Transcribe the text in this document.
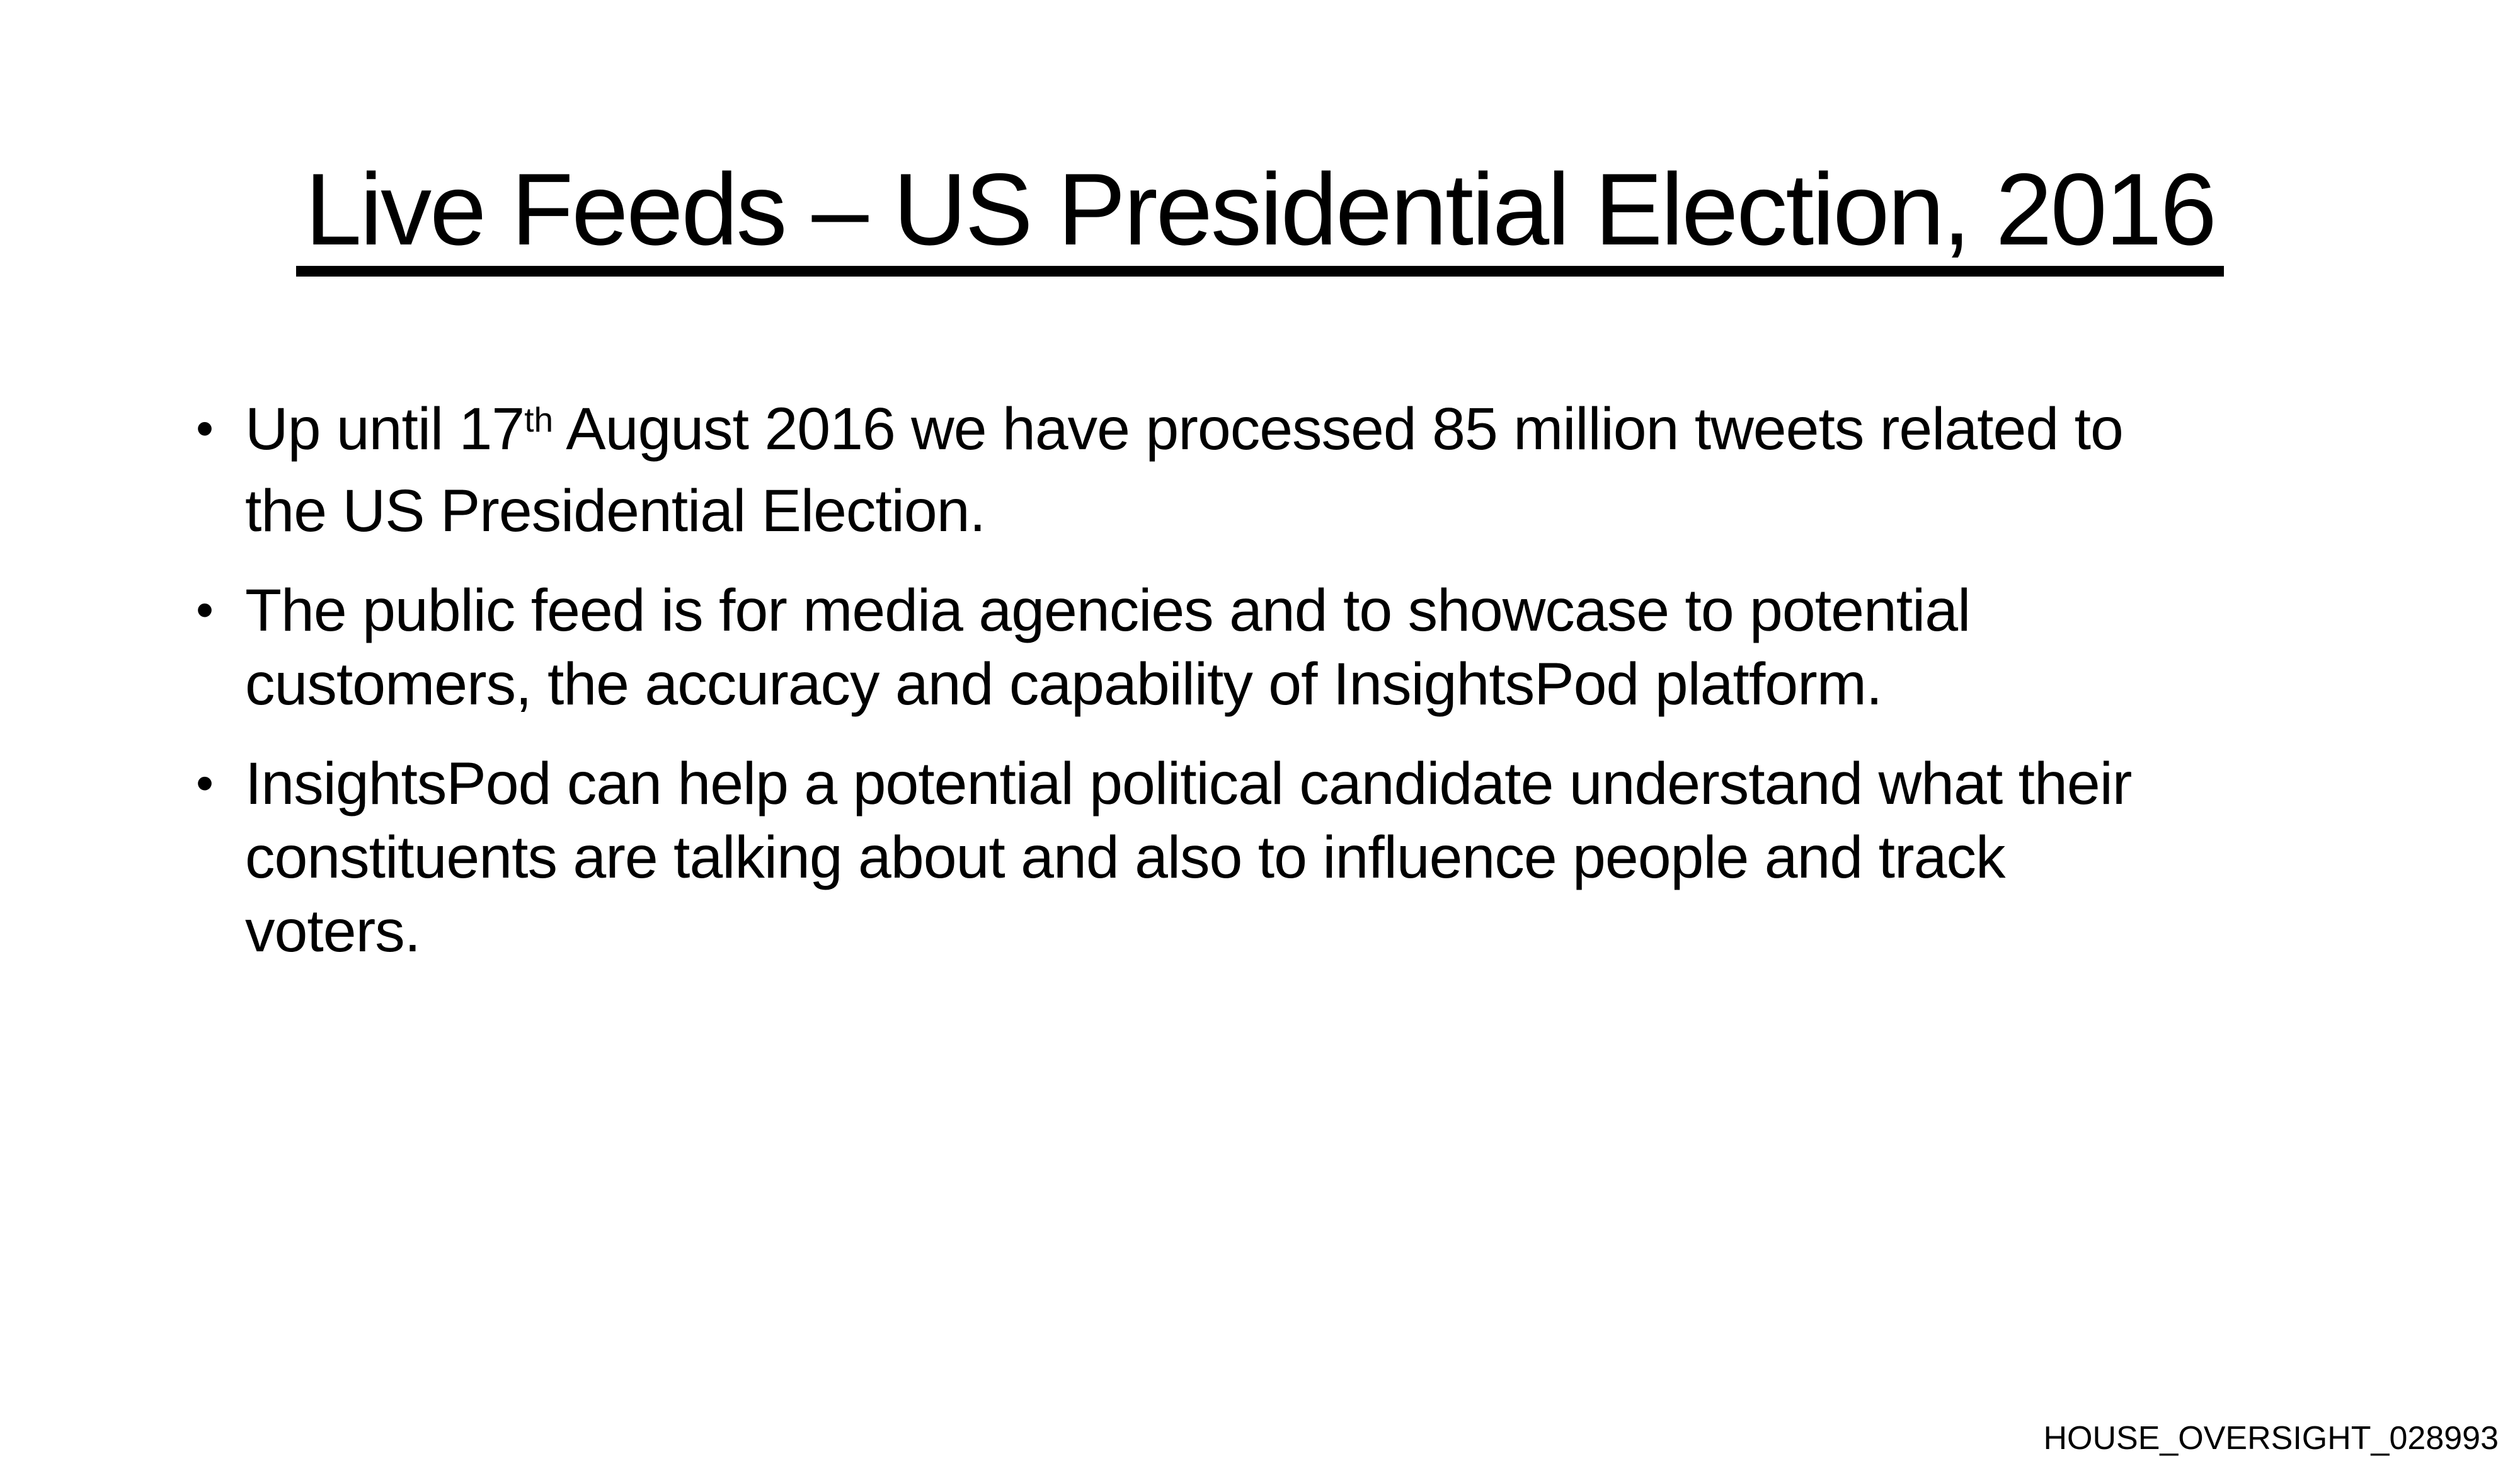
Live Feeds – US Presidential Election, 2016
• Up until 17th August 2016 we have processed 85 million tweets related to
the US Presidential Election.
• The public feed is for media agencies and to showcase to potential
customers, the accuracy and capability of InsightsPod platform.
• InsightsPod can help a potential political candidate understand what their
constituents are talking about and also to influence people and track
voters.
HOUSE_OVERSIGHT_028993
